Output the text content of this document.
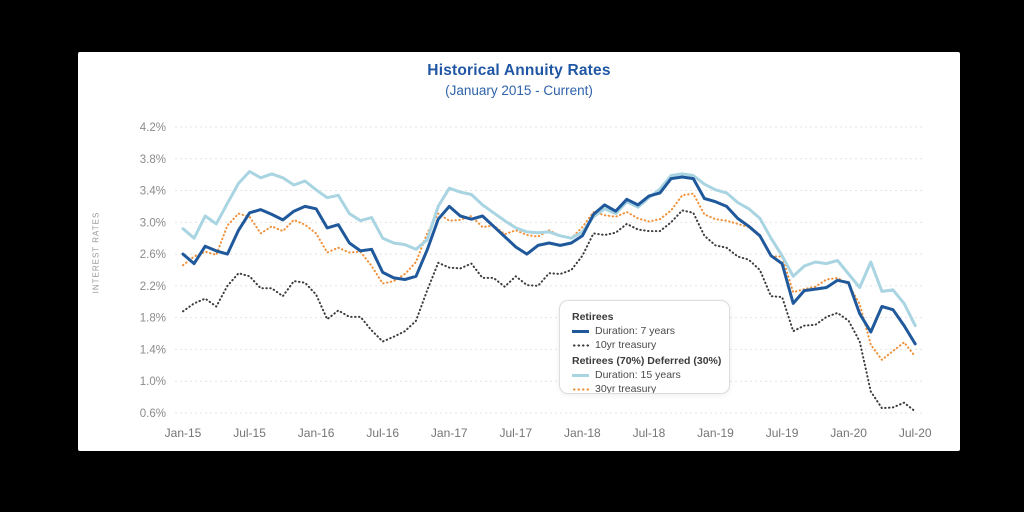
Historical Annuity Rates
(January 2015 - Current)
INTEREST RATES
4.2%
3.8%
3.4%
3.0%
2.6%
2.2%
1.8%
1.4%
1.0%
0.6%
Jan-15	Jul-15	Jan-16	Jul-16	Jan-17	Jul-17	Jan-18	Jul-18	Jan-19	Jul-19	Jan-20	Jul-20
Retirees
Duration: 7 years
10yr treasury
Retirees (70%) Deferred (30%)
Duration: 15 years
30yr treasury
